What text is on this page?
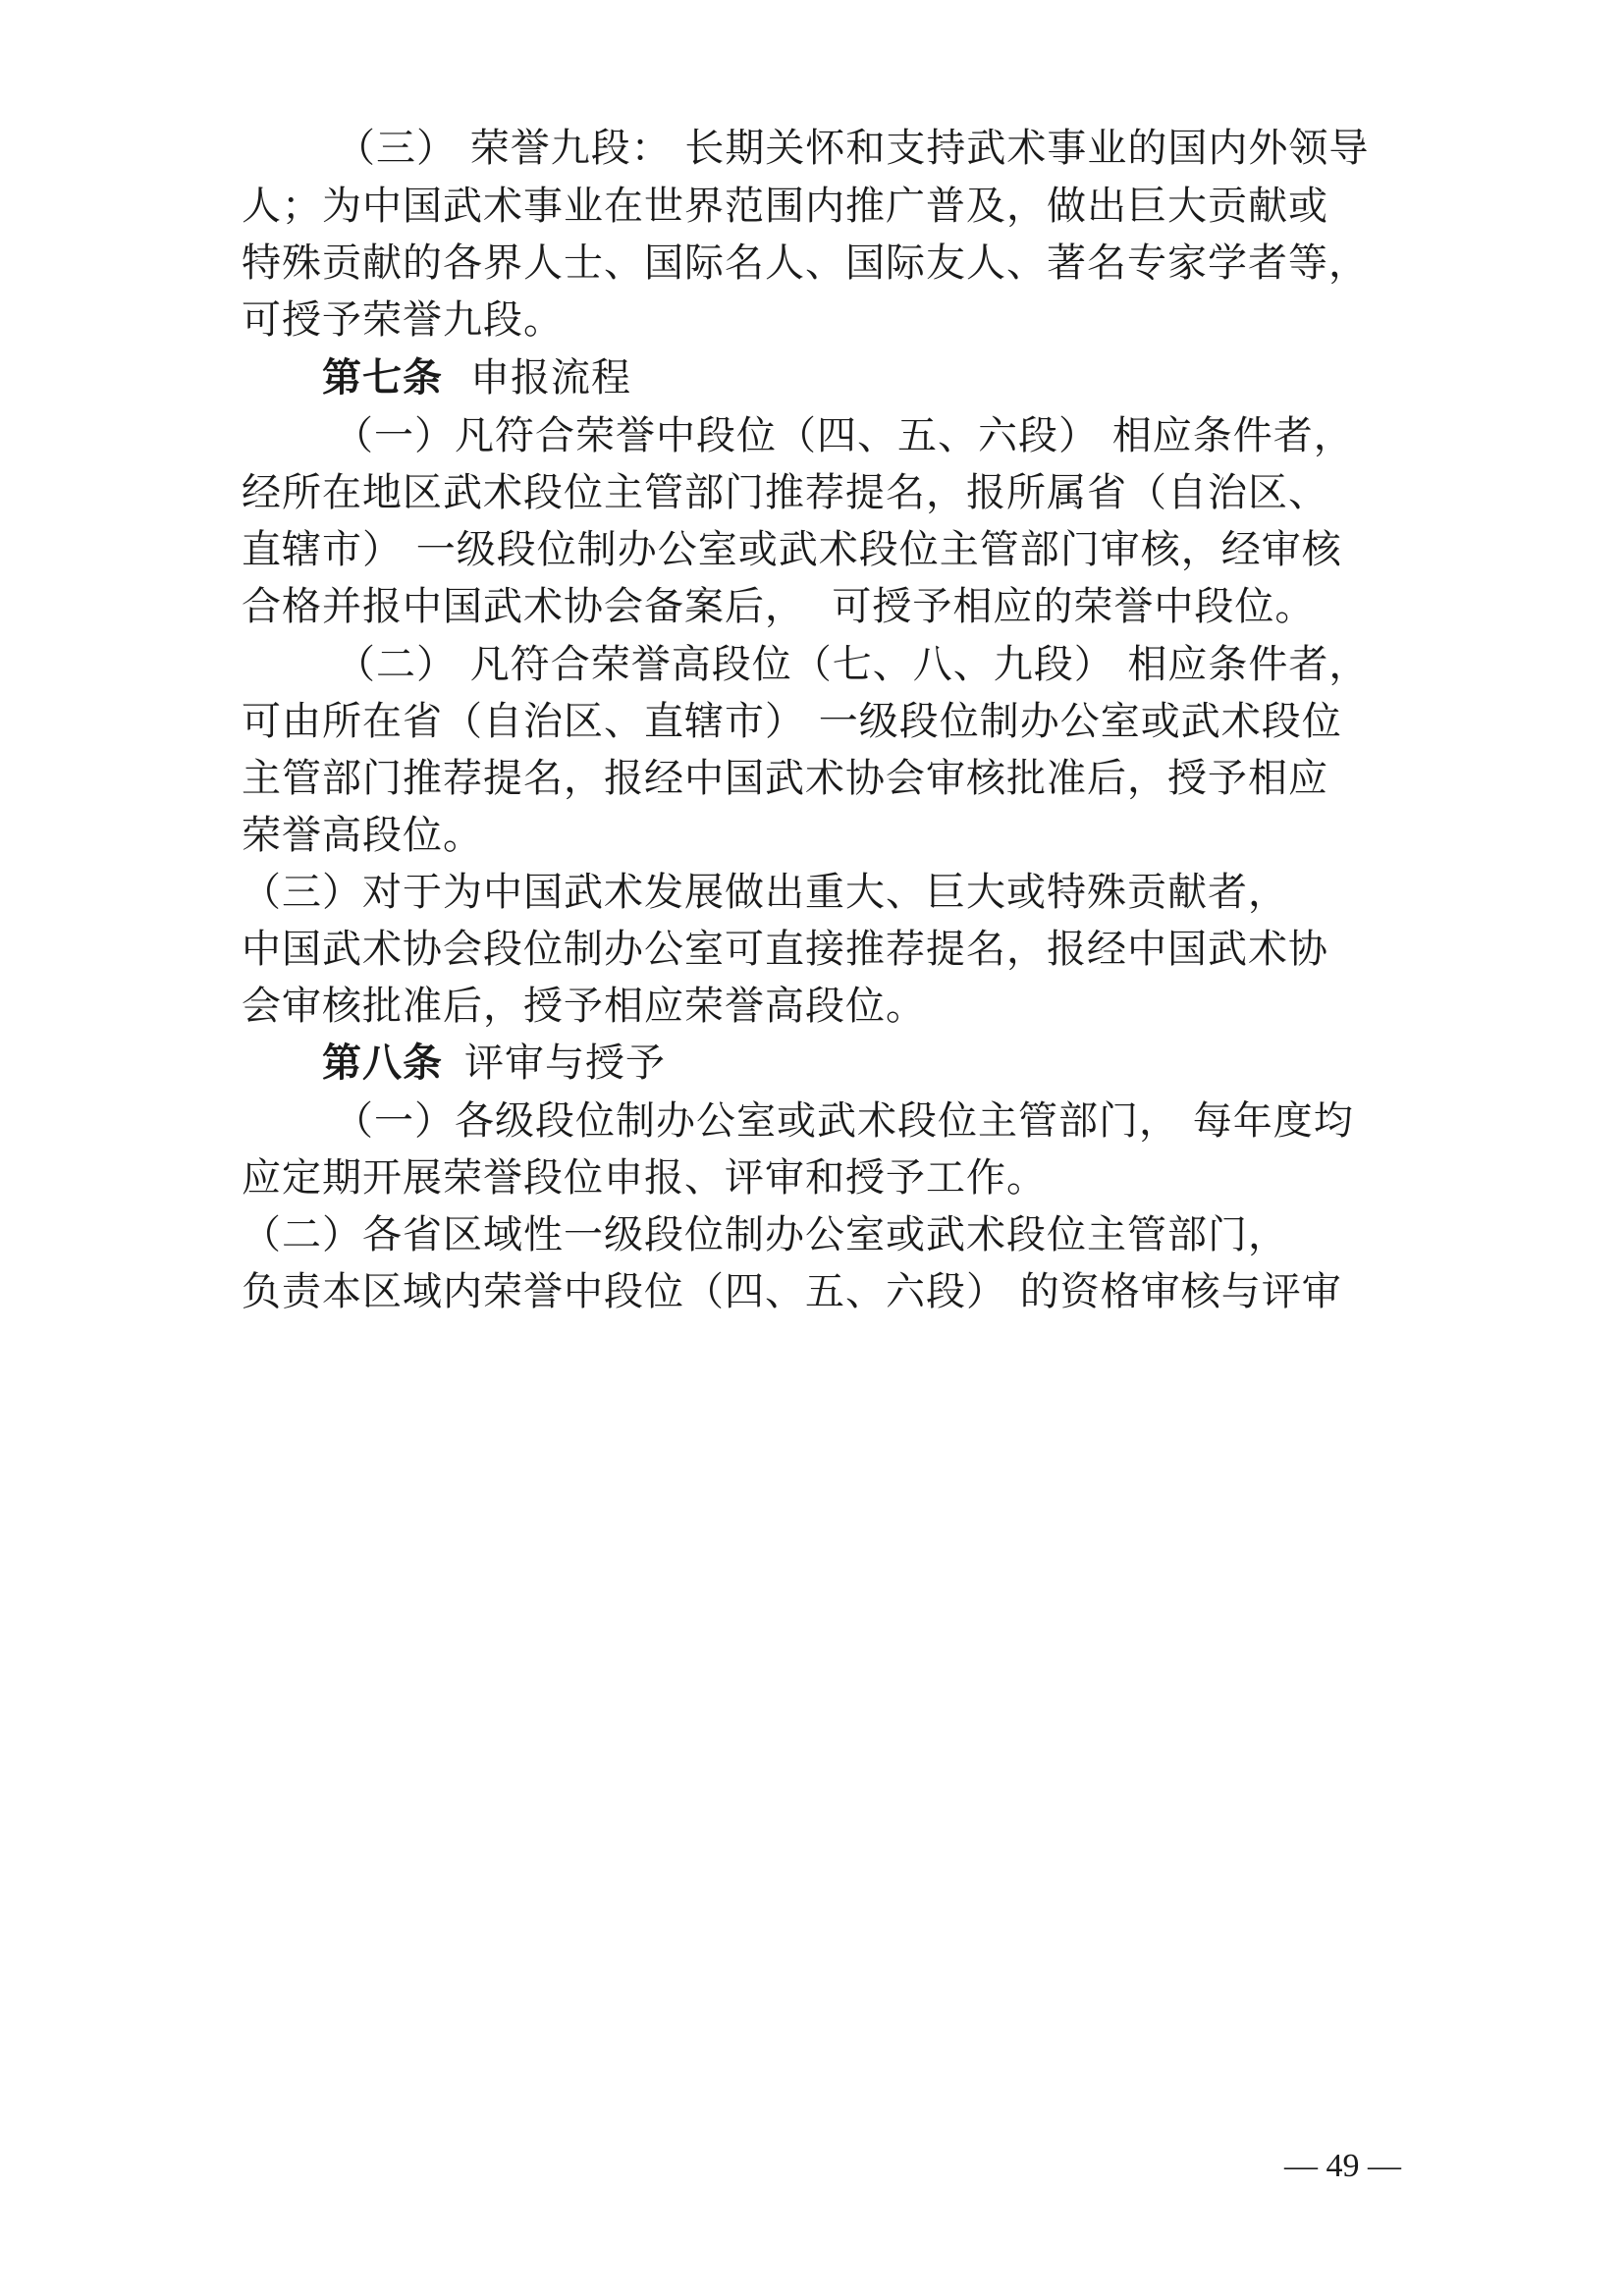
（三） 荣誉九段： 长期关怀和支持武术事业的国内外领导
人；为中国武术事业在世界范围内推广普及，做出巨大贡献或
特殊贡献的各界人士、国际名人、国际友人、著名专家学者等，
可授予荣誉九段。
第七条 申报流程
（一）凡符合荣誉中段位（四、五、六段） 相应条件者，
经所在地区武术段位主管部门推荐提名，报所属省（自治区、
直辖市） 一级段位制办公室或武术段位主管部门审核，经审核
合格并报中国武术协会备案后，  可授予相应的荣誉中段位。
（二） 凡符合荣誉高段位（七、八、九段） 相应条件者，
可由所在省（自治区、直辖市） 一级段位制办公室或武术段位
主管部门推荐提名，报经中国武术协会审核批准后，授予相应
荣誉高段位。
（三）对于为中国武术发展做出重大、巨大或特殊贡献者，
中国武术协会段位制办公室可直接推荐提名，报经中国武术协
会审核批准后，授予相应荣誉高段位。
第八条 评审与授予
（一）各级段位制办公室或武术段位主管部门， 每年度均
应定期开展荣誉段位申报、评审和授予工作。
（二）各省区域性一级段位制办公室或武术段位主管部门，
负责本区域内荣誉中段位（四、五、六段） 的资格审核与评审
— 49 —
